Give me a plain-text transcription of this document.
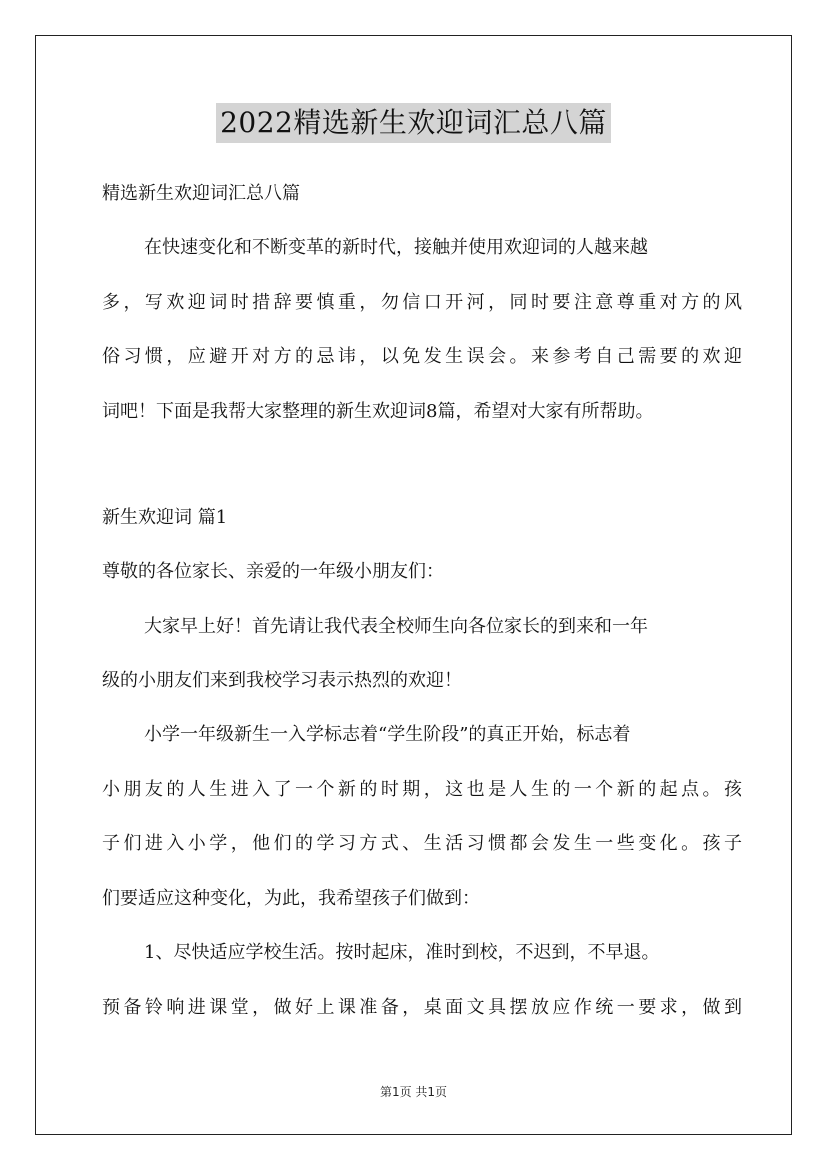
2022精选新生欢迎词汇总八篇
精选新生欢迎词汇总八篇
在快速变化和不断变革的新时代，接触并使用欢迎词的人越来越
多，写欢迎词时措辞要慎重，勿信口开河，同时要注意尊重对方的风
俗习惯，应避开对方的忌讳，以免发生误会。来参考自己需要的欢迎
词吧！下面是我帮大家整理的新生欢迎词8篇，希望对大家有所帮助。
新生欢迎词 篇1
尊敬的各位家长、亲爱的一年级小朋友们：
大家早上好！首先请让我代表全校师生向各位家长的到来和一年
级的小朋友们来到我校学习表示热烈的欢迎！
小学一年级新生一入学标志着“学生阶段”的真正开始，标志着
小朋友的人生进入了一个新的时期，这也是人生的一个新的起点。孩
子们进入小学，他们的学习方式、生活习惯都会发生一些变化。孩子
们要适应这种变化，为此，我希望孩子们做到：
1、尽快适应学校生活。按时起床，准时到校，不迟到，不早退。
预备铃响进课堂，做好上课准备，桌面文具摆放应作统一要求，做到
第1页 共1页
